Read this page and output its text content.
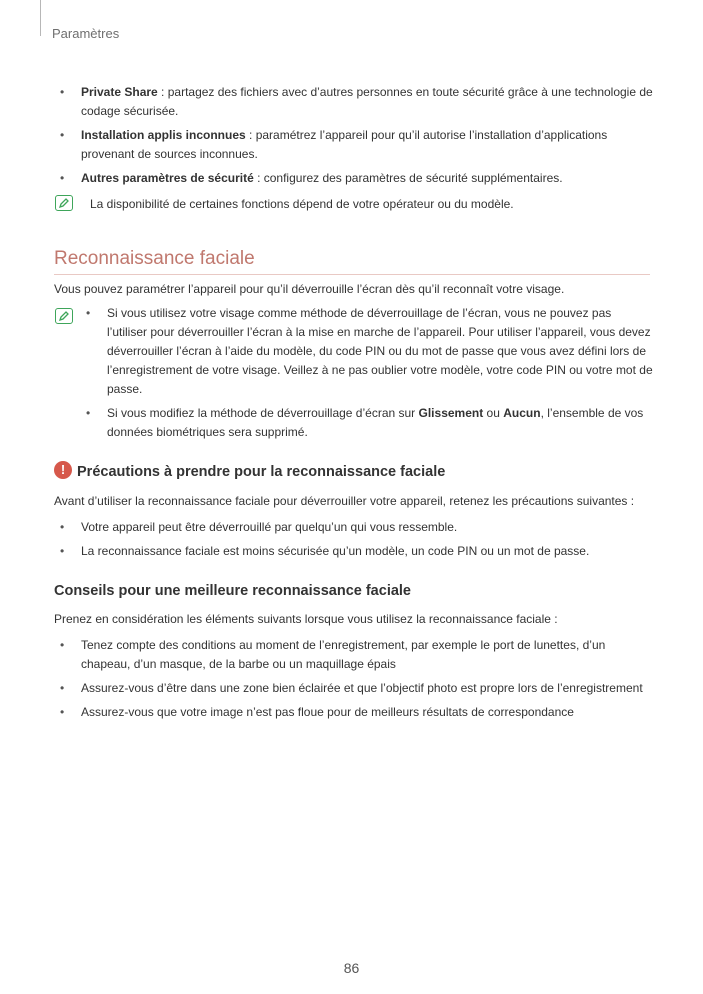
Paramètres
• Private Share : partagez des fichiers avec d’autres personnes en toute sécurité grâce à une technologie de codage sécurisée.
• Installation applis inconnues : paramétrez l’appareil pour qu’il autorise l’installation d’applications provenant de sources inconnues.
• Autres paramètres de sécurité : configurez des paramètres de sécurité supplémentaires.
La disponibilité de certaines fonctions dépend de votre opérateur ou du modèle.
Reconnaissance faciale
Vous pouvez paramétrer l’appareil pour qu’il déverrouille l’écran dès qu’il reconnaît votre visage.
• Si vous utilisez votre visage comme méthode de déverrouillage de l’écran, vous ne pouvez pas l’utiliser pour déverrouiller l’écran à la mise en marche de l’appareil. Pour utiliser l’appareil, vous devez déverrouiller l’écran à l’aide du modèle, du code PIN ou du mot de passe que vous avez défini lors de l’enregistrement de votre visage. Veillez à ne pas oublier votre modèle, votre code PIN ou votre mot de passe.
• Si vous modifiez la méthode de déverrouillage d’écran sur Glissement ou Aucun, l’ensemble de vos données biométriques sera supprimé.
! Précautions à prendre pour la reconnaissance faciale
Avant d’utiliser la reconnaissance faciale pour déverrouiller votre appareil, retenez les précautions suivantes :
• Votre appareil peut être déverrouillé par quelqu’un qui vous ressemble.
• La reconnaissance faciale est moins sécurisée qu’un modèle, un code PIN ou un mot de passe.
Conseils pour une meilleure reconnaissance faciale
Prenez en considération les éléments suivants lorsque vous utilisez la reconnaissance faciale :
• Tenez compte des conditions au moment de l’enregistrement, par exemple le port de lunettes, d’un chapeau, d’un masque, de la barbe ou un maquillage épais
• Assurez-vous d’être dans une zone bien éclairée et que l’objectif photo est propre lors de l’enregistrement
• Assurez-vous que votre image n’est pas floue pour de meilleurs résultats de correspondance
86
